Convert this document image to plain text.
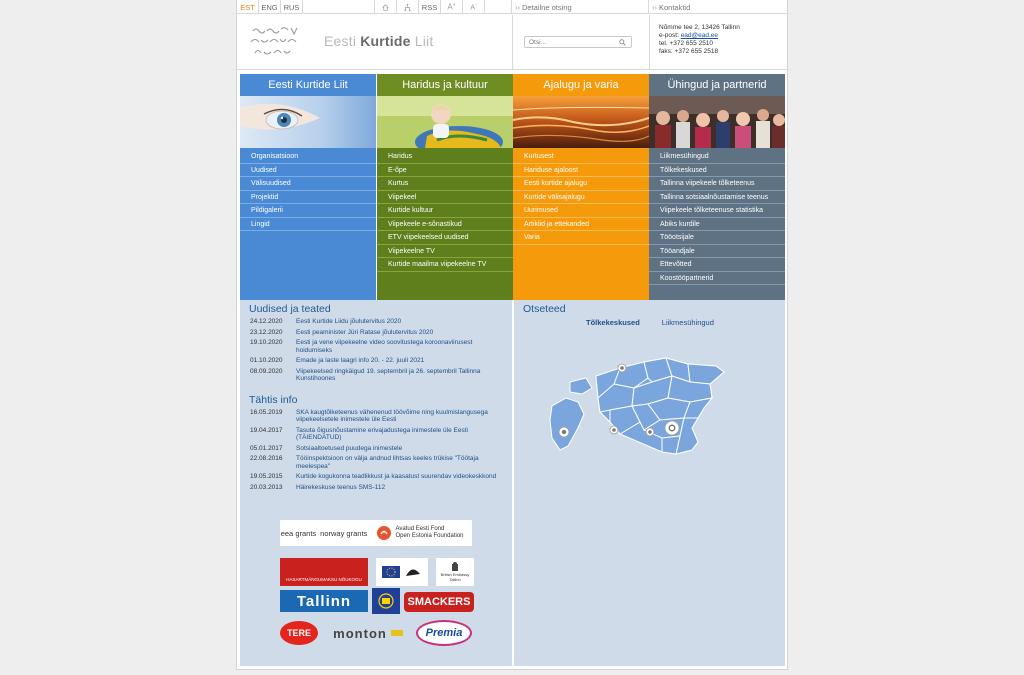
EST ENG RUS	RSS	A+ A-	›› Detailne otsing	›› Kontaktid
Eesti Kurtide Liit
Otsi...
Nõmme tee 2, 13426 Tallinn
e-post: ead@ead.ee
tel. +372 655 2510
faks: +372 655 2518
Eesti Kurtide Liit
Organisatsioon
Uudised
Välisuudised
Projektid
Pildigalerii
Lingid
Haridus ja kultuur
Haridus
E-õpe
Kurtus
Viipekeel
Kurtide kultuur
Viipekeele e-sõnastikud
ETV viipekeelsed uudised
Viipekeelne TV
Kurtide maailma viipekeelne TV
Ajalugu ja varia
Kurtusest
Hariduse ajaloost
Eesti kurtide ajalugu
Kurtide välisajalugu
Uurimused
Artiklid ja ettekanded
Varia
Ühingud ja partnerid
Liikmesühingud
Tõlkekeskused
Tallinna viipekeele tõlketeenus
Tallinna sotsiaalnõustamise teenus
Viipekeele tõlketeenuse statistika
Abiks kurdile
Tööotsijale
Tööandjale
Ettevõtted
Koostööpartnerid
Uudised ja teated
24.12.2020	Eesti Kurtide Liidu jõulutervitus 2020
23.12.2020	Eesti peaminister Jüri Ratase jõulutervitus 2020
19.10.2020	Eesti ja vene viipekeelne video soovitustega koroonaviirusest hoidumiseks
01.10.2020	Emade ja laste laagri info 20. - 22. juuli 2021
08.09.2020	Viipekeelsed ringkäigud 19. septembril ja 26. septembril Tallinna Kunstihoones
Tähtis info
16.05.2019	SKA kaugtõlketeenus vähenenud töövõime ning kuulmislangusega viipekeelsetele inimestele üle Eesti
19.04.2017	Tasuta õigusnõustamine erivajadustega inimestele üle Eesti (TÄIENDATUD)
05.01.2017	Sotsiaaltoetused puudega inimestele
22.08.2016	Tööinspektsioon on välja andnud lihtsas keeles trükise "Töötaja meelespea"
19.05.2015	Kurtide kogukonna teadlikkust ja kaasatust suurendav videokeskkond
20.03.2013	Häirekeskuse teenus SMS-112
eea grants norway grants	Avatud Eesti Fond
Open Estonia Foundation
HASARTMÄNGUMAKSU NÕUKOGU
British Embassy
Tallinn
Tallinn	SMACKERS
TERE monton	Premia
Otseteed
Tõlkekeskused	Liikmesühingud
